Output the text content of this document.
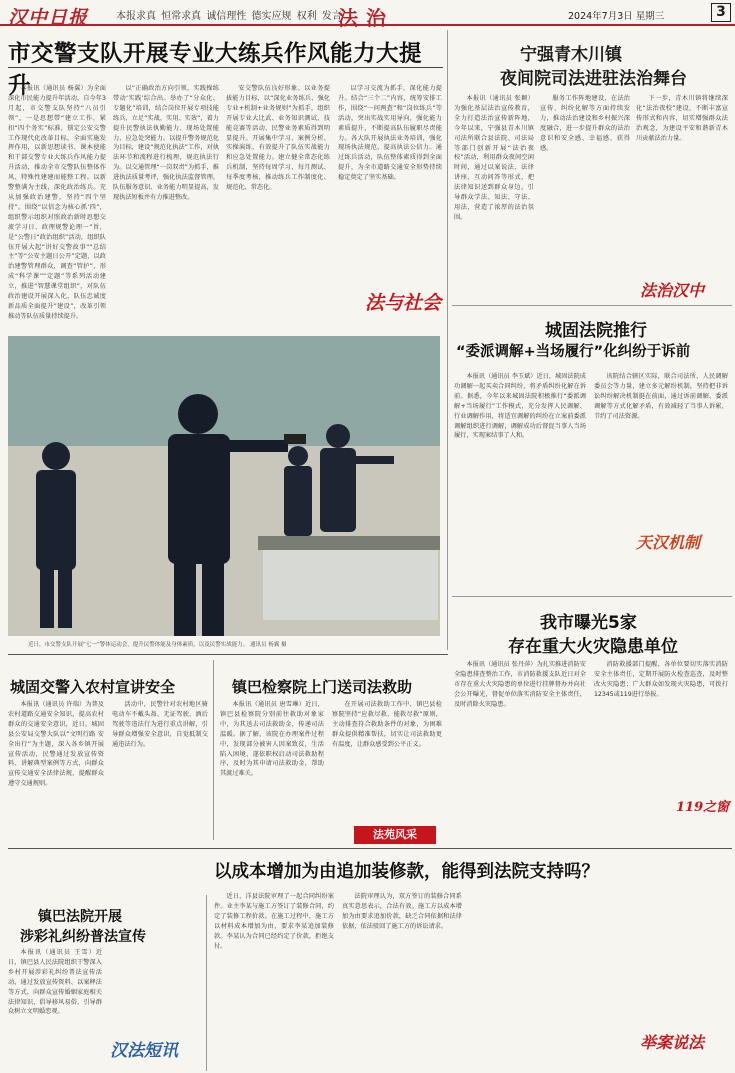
汉中日报	本报求真 恒常求真 诚信理性 德实应规 权利 发言
法治	2024年7月3日 星期三	3
市交警支队开展专业大练兵作风能力大提升

本报讯（通讯员 杨翼）为全面深化市民能力提升年活动，自今年3月起，市交警支队坚持“八员引领”，一是思想带“建立工作，紧扣“四个务实”标准，锁定公安交警工作现代化改革目标，全面实施发挥作用，以新思想读书、课本使能和干部交警专业大练兵作风能力提升活动，推动全市交警队伍整体作风、特殊性建建而能整工程。以新警整满为主线，深化政治练兵。充从加强政治建警，坚持“四个坚持”。围绕“以信念为核心抓‘四”，组织警示组织对照政治新时思想交流学习日、政理规警论理一”旨，是“公警日“政治组织”活动，组织队伍开展大起“讲好交警故事”“总结主”等“公安主题日公开”定题，以政治建警管理群众，调查“管护”，形成“科学课”“定题”等系列活动建立，推进“智慧课堂组织”，对队伍政治建设开展深入化，队伍忠诚度新品质全面提升”建设”，改革引领推动等队伍质量持续提升。

以“正确政治方向引领，实践操练带动‘实践’综合出。举办了“分众化、专题化”培训，结合岗位开展专项技能练兵，立足“实战、实用、实效”，着力提升民警执法执勤能力、现场处置能力、应急处突能力。以提升警务规范化为目标，建设“规范化执法”工作，对执法环节和流程进行梳理，规范执法行为。以交通管理“一岗双责”为抓手，推进执法质量考评，强化执法监督管理。队伍服务意识、业务能力明显提高，发现执法短板并有力推进整改。

安交警队伍良好形象。以业务提拔能力目标，以“深化业务练兵、强化专业+机制+业务规则”为抓手，组织开展专业大比武、业务知识测试、技能竞赛等活动，民警业务素质得到明显提升。开展集中学习、案例分析、实操演练，有效提升了队伍实战能力和应急处置能力。建立健全常态化练兵机制，坚持每周学习、每月测试、每季度考核，推动练兵工作制度化、规范化、常态化。

以学习交流为抓手，深化能力提升。结合“三个二”内容，统筹安排工作，围绕“一问两查”和“岗位练兵”等活动，突出实战实用导向，强化能力素质提升，不断提高队伍履职尽责能力。各大队开展执法业务培训，强化现场执法规范，提高执法公信力。通过练兵活动，队伍整体素质得到全面提升，为全市道路交通安全形势持续稳定奠定了坚实基础。

法与社会
近日，市交警支队开展“七一”警体运动会，提升民警体能及身体素质，以及民警实战能力。 通讯员 杨翼 摄
宁强青木川镇
夜间院司法进驻法治舞台

本报讯（通讯员 张颖）为强化基层法治宣传教育，全力打造法治宣传新阵地，今年以来，宁强县青木川镇司法所联合县法院、司法局等部门创新开展“法治夜校”活动，利用群众夜间空闲时间，通过以案说法、法律讲座、互动问答等形式，把法律知识送到群众身边，引导群众学法、知法、守法、用法，营造了浓厚的法治氛围。

服务工作阵地建设，在法治宣传、纠纷化解等方面持续发力，推动法治建设和乡村振兴深度融合，进一步提升群众的法治意识和安全感、幸福感、获得感。

下一步，青木川镇将继续深化“法治夜校”建设，不断丰富宣传形式和内容，切实增强群众法治观念，为建设平安和谐新青木川贡献法治力量。

法治汉中
城固法院推行
“委派调解+当场履行”化纠纷于诉前

本报讯（通讯员 李玉斌）近日，城固法院成功调解一起买卖合同纠纷，将矛盾纠纷化解在诉前。据悉，今年以来城固法院积极推行“委派调解+当场履行”工作模式，充分发挥人民调解、行业调解作用，将适宜调解的纠纷在立案前委派调解组织进行调解，调解成功后督促当事人当场履行，实现案结事了人和。

该院结合辖区实际，联合司法所、人民调解委员会等力量，建立多元解纷机制，坚持把非诉讼纠纷解决机制挺在前面，通过诉前调解、委派调解等方式化解矛盾，有效减轻了当事人诉累，节约了司法资源。

天汉机制
我市曝光5家
存在重大火灾隐患单位

本报讯（通讯员 张丹萍）为扎实推进消防安全隐患排查整治工作，市消防救援支队近日对全市存在重大火灾隐患的单位进行挂牌督办并向社会公开曝光，督促单位落实消防安全主体责任，及时消除火灾隐患。

消防救援部门提醒，各单位要切实落实消防安全主体责任，定期开展防火检查巡查，及时整改火灾隐患；广大群众如发现火灾隐患，可拨打12345或119进行举报。

119之窗
城固交警入农村宣讲安全

本报讯（通讯员 许瑞）为普及农村道路交通安全知识，提高农村群众的交通安全意识，近日，城固县公安局交警大队以“文明行路 安全出行”为主题，深入各乡镇开展宣传活动，民警通过发放宣传资料、讲解典型案例等方式，向群众宣传交通安全法律法规，提醒群众遵守交通规则。

活动中，民警针对农村地区骑电动车不戴头盔、无证驾驶、酒后驾驶等违法行为进行重点讲解，引导群众增强安全意识，自觉抵制交通违法行为。

镇巴检察院上门送司法救助

本报讯（通讯员 唐雪琳）近日，镇巴县检察院分别前往救助对象家中，为其送去司法救助金，传递司法温暖。据了解，该院在办理案件过程中，发现部分被害人因案致贫，生活陷入困境，遂依职权启动司法救助程序，及时为其申请司法救助金，帮助其渡过难关。

在开展司法救助工作中，镇巴县检察院坚持“应救尽救、能救尽救”原则，主动排查符合救助条件的对象，为困难群众提供精准帮扶，切实让司法救助更有温度，让群众感受到公平正义。

法苑风采
以成本增加为由追加装修款，能得到法院支持吗？
镇巴法院开展
涉彩礼纠纷普法宣传

本报讯（通讯员 王雪）近日，镇巴县人民法院组织干警深入乡村开展涉彩礼纠纷普法宣传活动，通过发放宣传资料、以案释法等方式，向群众宣传婚姻家庭相关法律知识，倡导移风易俗，引导群众树立文明婚恋观。

汉法短讯

近日，洋县法院审理了一起合同纠纷案件。业主李某与施工方签订了装修合同，约定了装修工程价款。在施工过程中，施工方以材料成本增加为由，要求李某追加装修款。李某认为合同已经约定了价款，拒绝支付。

法院审理认为，双方签订的装修合同系真实意思表示，合法有效。施工方以成本增加为由要求追加价款，缺乏合同依据和法律依据，依法驳回了施工方的诉讼请求。

举案说法
